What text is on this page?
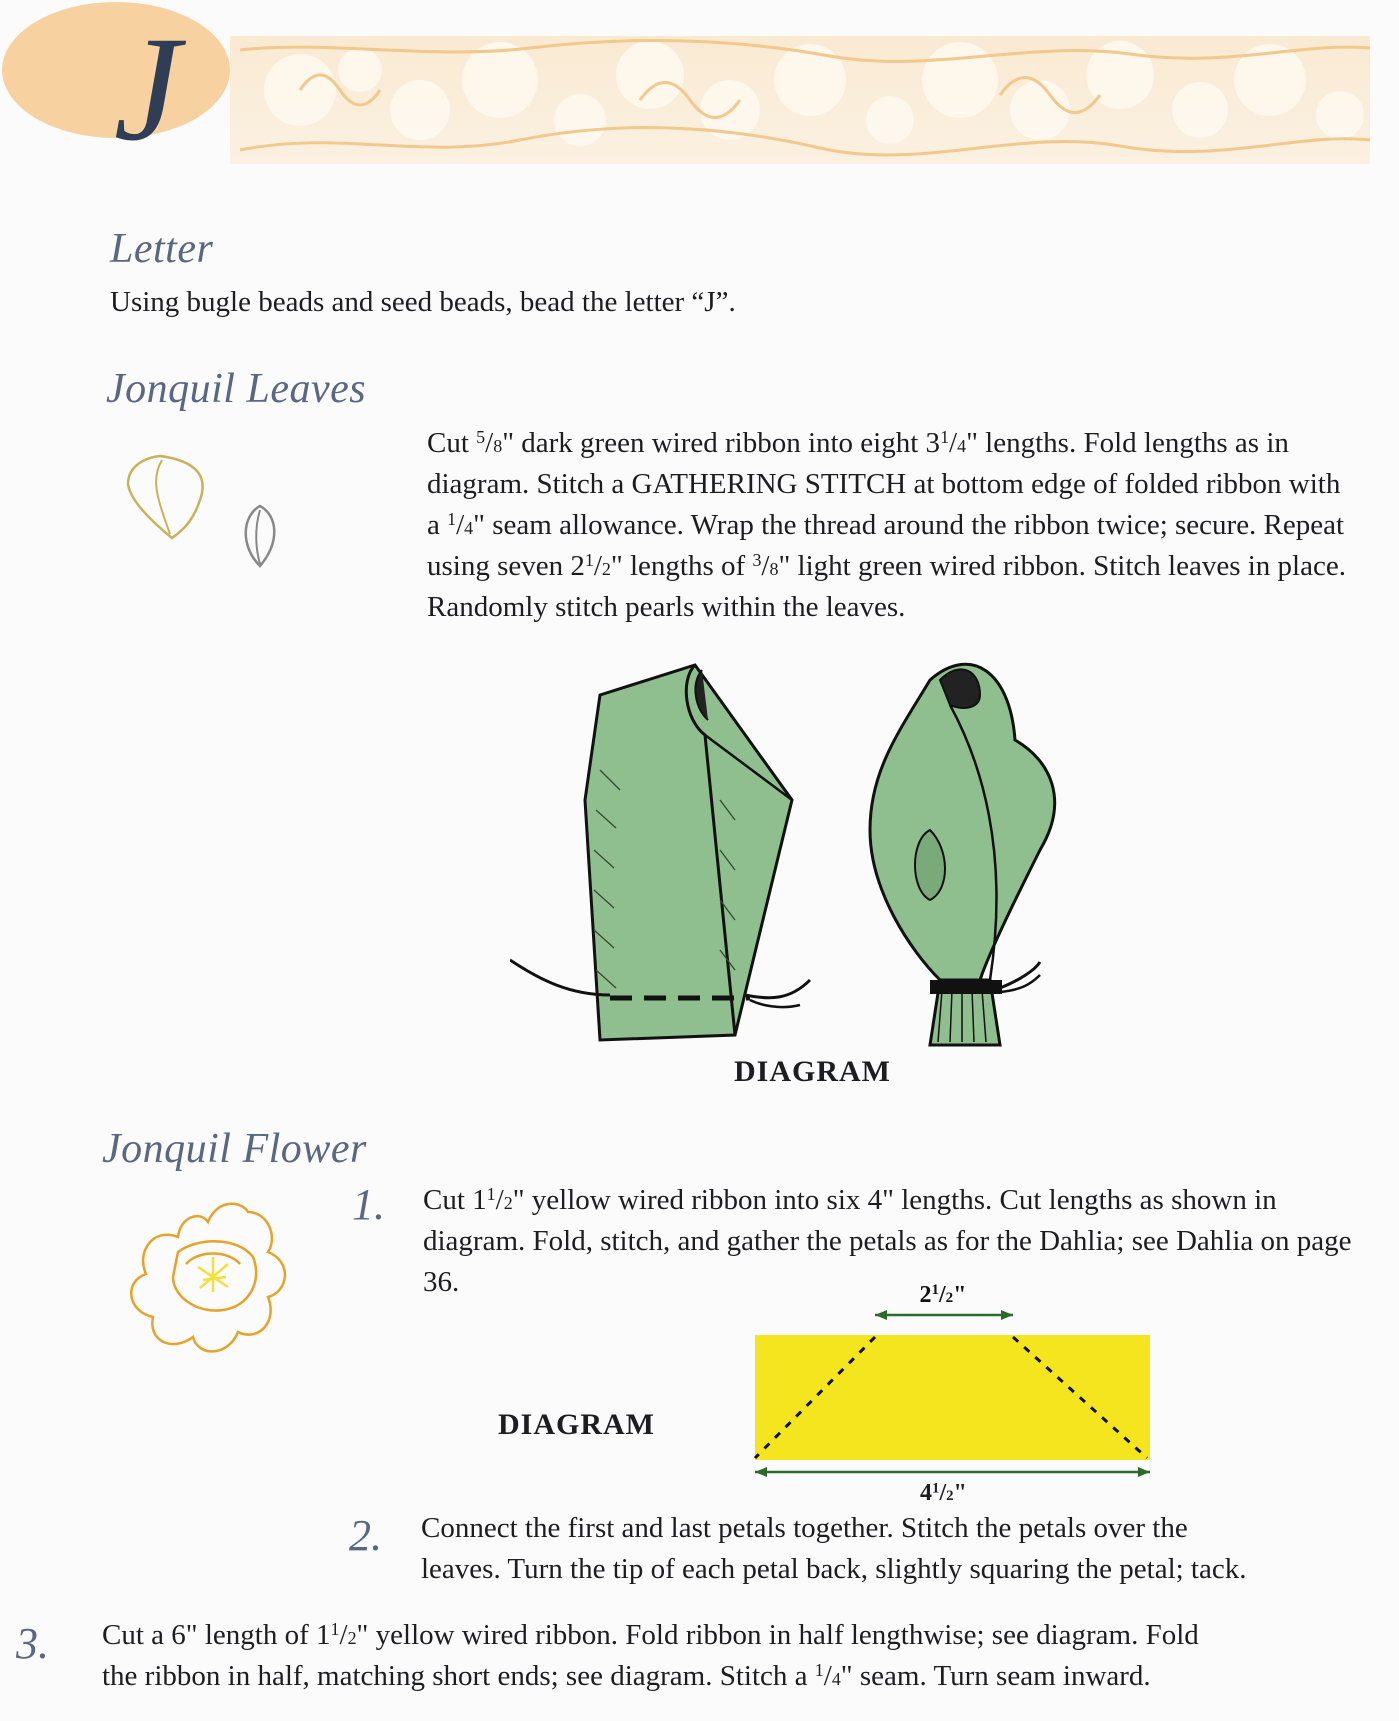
J
Letter
Using bugle beads and seed beads, bead the letter “J”.
Jonquil Leaves
Cut $^5$/8" dark green wired ribbon into eight $3^1/4$" lengths. Fold lengths as in diagram. Stitch a GATHERING STITCH at bottom edge of folded ribbon with a $^1$/4" seam allowance. Wrap the thread around the ribbon twice; secure. Repeat using seven $2^1/2$" lengths of $^3$/8" light green wired ribbon. Stitch leaves in place. Randomly stitch pearls within the leaves.
DIAGRAM
Jonquil Flower
1. Cut $1^1/2$" yellow wired ribbon into six 4" lengths. Cut lengths as shown in diagram. Fold, stitch, and gather the petals as for the Dahlia; see Dahlia on page 36.	$2^1/2$"
$4^1/2$"
DIAGRAM
2. Connect the first and last petals together. Stitch the petals over the
leaves. Turn the tip of each petal back, slightly squaring the petal; tack.
3. Cut a 6" length of $1^1/2$" yellow wired ribbon. Fold ribbon in half lengthwise; see diagram. Fold
the ribbon in half, matching short ends; see diagram. Stitch a $^1$/4" seam. Turn seam inward.
